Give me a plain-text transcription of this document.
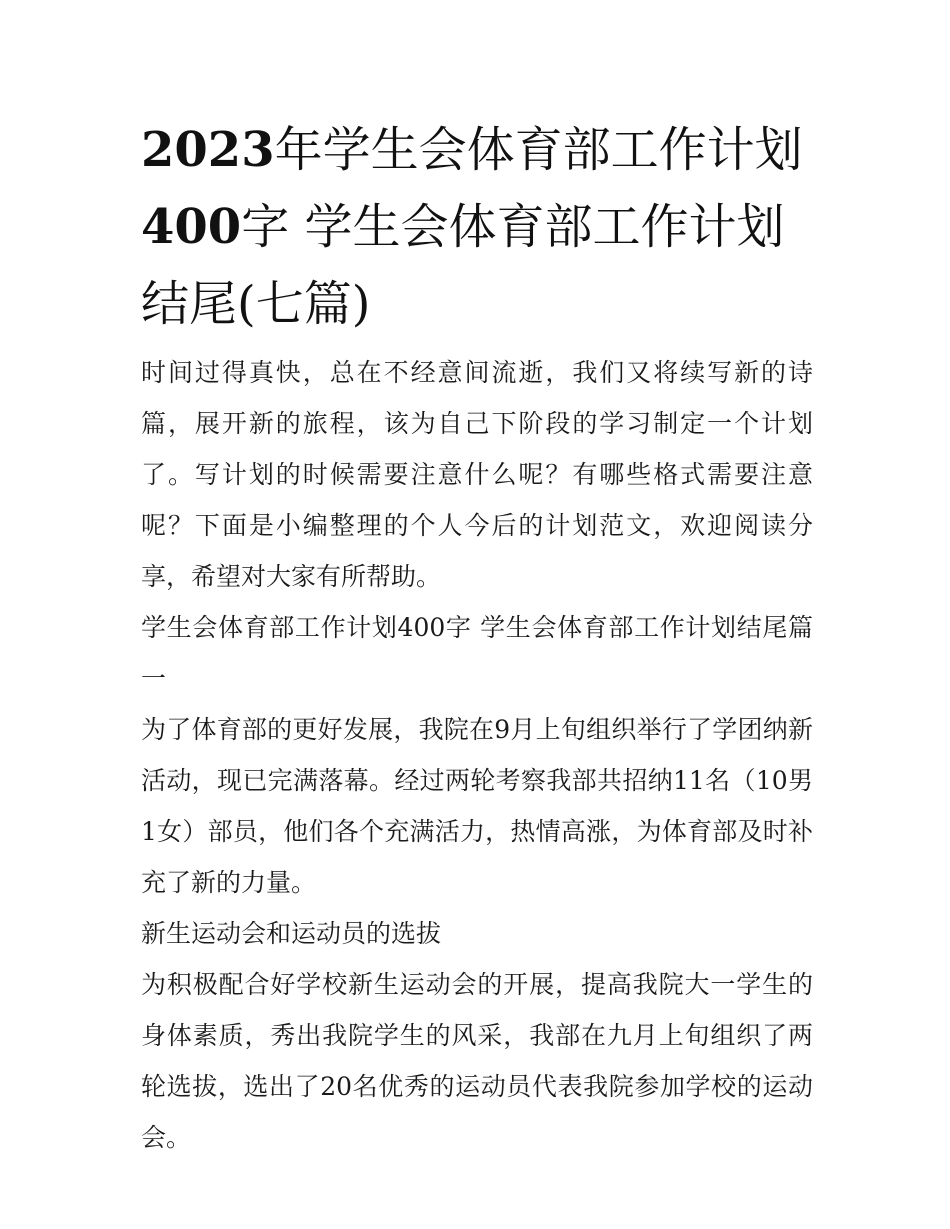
2023年学生会体育部工作计划400字 学生会体育部工作计划结尾(七篇)

时间过得真快，总在不经意间流逝，我们又将续写新的诗篇，展开新的旅程，该为自己下阶段的学习制定一个计划了。写计划的时候需要注意什么呢？有哪些格式需要注意呢？下面是小编整理的个人今后的计划范文，欢迎阅读分享，希望对大家有所帮助。

学生会体育部工作计划400字 学生会体育部工作计划结尾篇一

为了体育部的更好发展，我院在9月上旬组织举行了学团纳新活动，现已完满落幕。经过两轮考察我部共招纳11名（10男1女）部员，他们各个充满活力，热情高涨，为体育部及时补充了新的力量。

新生运动会和运动员的选拔

为积极配合好学校新生运动会的开展，提高我院大一学生的身体素质，秀出我院学生的风采，我部在九月上旬组织了两轮选拔，选出了20名优秀的运动员代表我院参加学校的运动会。
